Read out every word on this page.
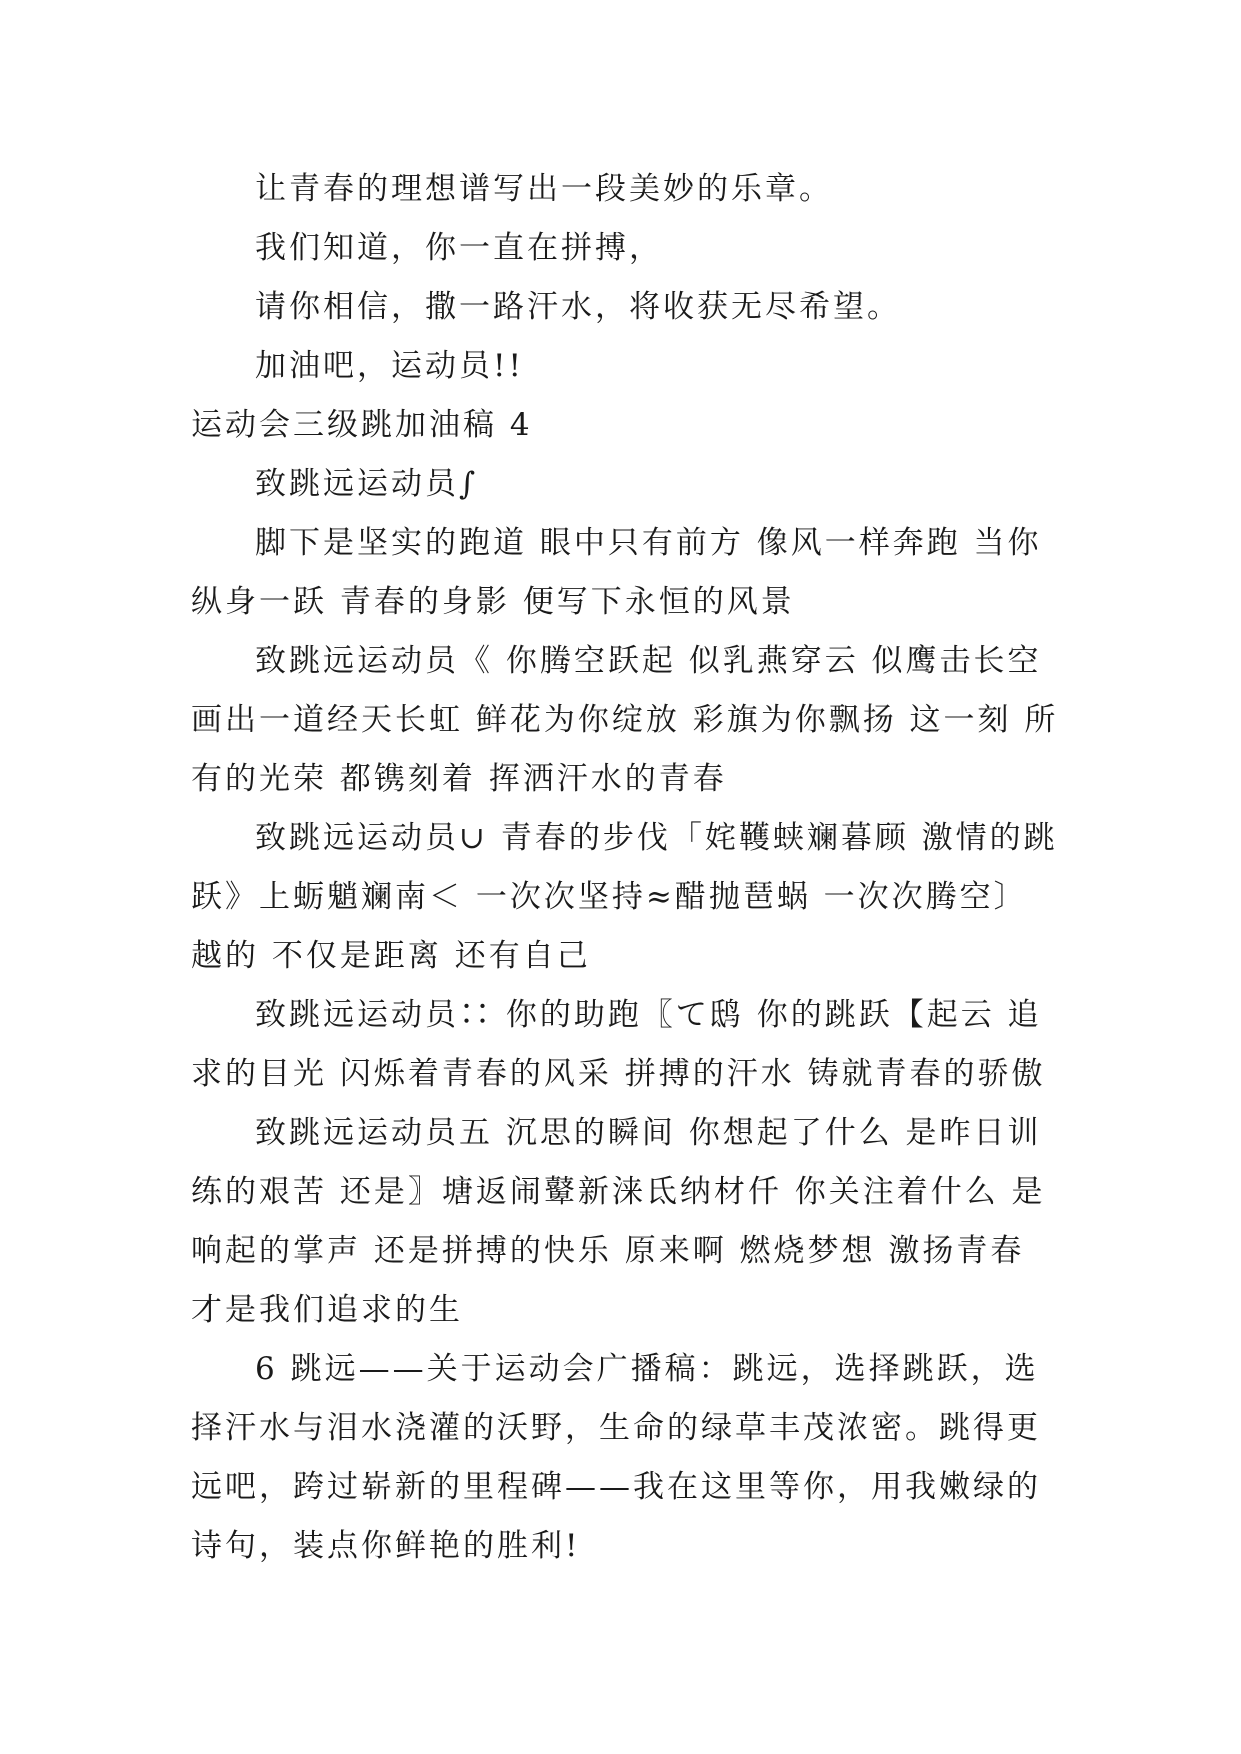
让青春的理想谱写出一段美妙的乐章。

我们知道，你一直在拼搏，

请你相信，撒一路汗水，将收获无尽希望。

加油吧，运动员!!

运动会三级跳加油稿 4

致跳远运动员∫

脚下是坚实的跑道 眼中只有前方 像风一样奔跑 当你纵身一跃 青春的身影 便写下永恒的风景

致跳远运动员《 你腾空跃起 似乳燕穿云 似鹰击长空 画出一道经天长虹 鲜花为你绽放 彩旗为你飘扬 这一刻 所有的光荣 都镌刻着 挥洒汗水的青春

致跳远运动员∪ 青春的步伐「姹韄蛱斓暮顾 激情的跳跃》上蛎魈斓南＜ 一次次坚持≈醋抛琶蜗 一次次腾空〕越的 不仅是距离 还有自己

致跳远运动员∷ 你的助跑〖て鸱 你的跳跃【起云 追求的目光 闪烁着青春的风采 拼搏的汗水 铸就青春的骄傲

致跳远运动员五 沉思的瞬间 你想起了什么 是昨日训练的艰苦 还是〗塘返闹鼙新涞氐纳材仟 你关注着什么 是响起的掌声 还是拼搏的快乐 原来啊 燃烧梦想 激扬青春 才是我们追求的生

6 跳远——关于运动会广播稿：跳远，选择跳跃，选择汗水与泪水浇灌的沃野，生命的绿草丰茂浓密。跳得更远吧，跨过崭新的里程碑——我在这里等你，用我嫩绿的诗句，装点你鲜艳的胜利!
